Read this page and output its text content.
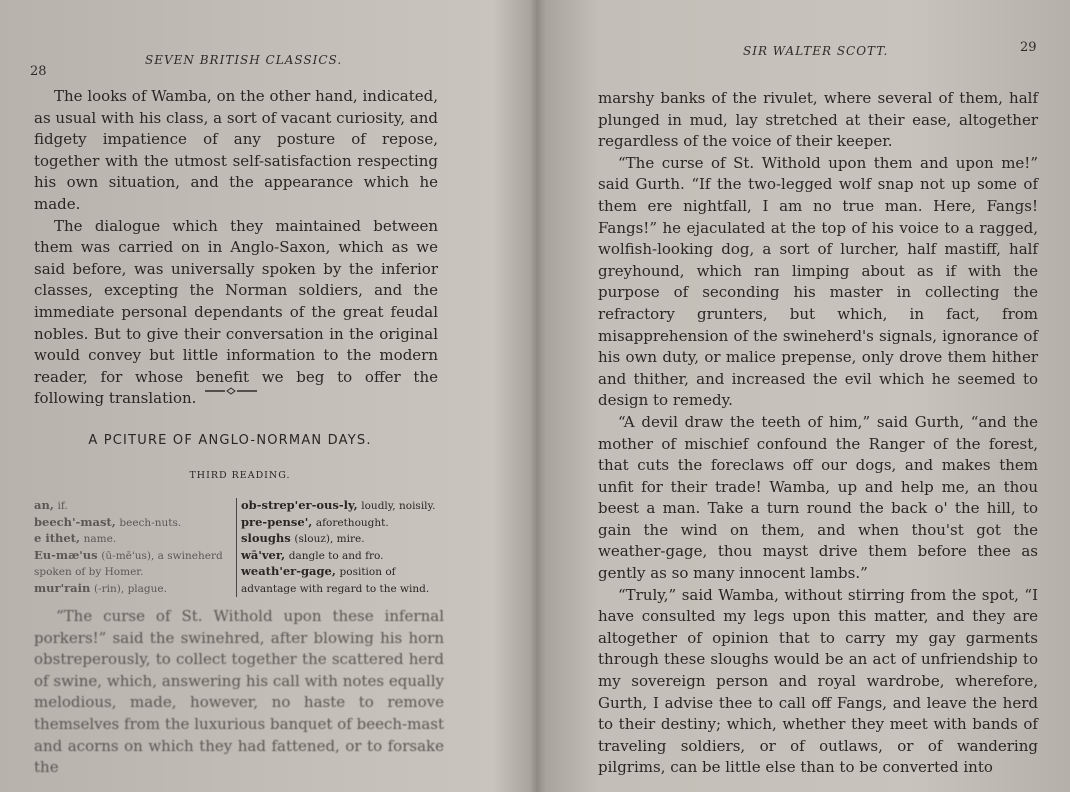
28
SEVEN BRITISH CLASSICS.

The looks of Wamba, on the other hand, indicated, as usual with his class, a sort of vacant curiosity, and fidgety impatience of any posture of repose, together with the utmost self-satisfaction respecting his own situation, and the appearance which he made.

The dialogue which they maintained between them was carried on in Anglo-Saxon, which as we said before, was universally spoken by the inferior classes, excepting the Norman soldiers, and the immediate personal dependants of the great feudal nobles. But to give their conversation in the original would convey but little information to the modern reader, for whose benefit we beg to offer the following translation.

A PCITURE OF ANGLO-NORMAN DAYS.
THIRD READING.
an, if.
beech'-mast, beech-nuts.
e ithet, name.
Eu-mæ'us (ū-mē'us), a swineherd spoken of by Homer.
mur'rain (-rin), plague.
ob-strep'er-ous-ly, loudly, noisily.
pre-pense', aforethought.
sloughs (slouz), mire.
wā'ver, dangle to and fro.
weath'er-gage, position of advantage with regard to the wind.

“The curse of St. Withold upon these infernal porkers!” said the swinehred, after blowing his horn obstreperously, to collect together the scattered herd of swine, which, answering his call with notes equally melodious, made, however, no haste to remove themselves from the luxurious banquet of beech-mast and acorns on which they had fattened, or to forsake the

SIR WALTER SCOTT.	29

marshy banks of the rivulet, where several of them, half plunged in mud, lay stretched at their ease, altogether regardless of the voice of their keeper.

“The curse of St. Withold upon them and upon me!” said Gurth. “If the two-legged wolf snap not up some of them ere nightfall, I am no true man. Here, Fangs! Fangs!” he ejaculated at the top of his voice to a ragged, wolfish-looking dog, a sort of lurcher, half mastiff, half greyhound, which ran limping about as if with the purpose of seconding his master in collecting the refractory grunters, but which, in fact, from misapprehension of the swineherd's signals, ignorance of his own duty, or malice prepense, only drove them hither and thither, and increased the evil which he seemed to design to remedy.

“A devil draw the teeth of him,” said Gurth, “and the mother of mischief confound the Ranger of the forest, that cuts the foreclaws off our dogs, and makes them unfit for their trade! Wamba, up and help me, an thou beest a man. Take a turn round the back o' the hill, to gain the wind on them, and when thou'st got the weather-gage, thou mayst drive them before thee as gently as so many innocent lambs.”

“Truly,” said Wamba, without stirring from the spot, “I have consulted my legs upon this matter, and they are altogether of opinion that to carry my gay garments through these sloughs would be an act of unfriendship to my sovereign person and royal wardrobe, wherefore, Gurth, I advise thee to call off Fangs, and leave the herd to their destiny; which, whether they meet with bands of traveling soldiers, or of outlaws, or of wandering pilgrims, can be little else than to be converted into
